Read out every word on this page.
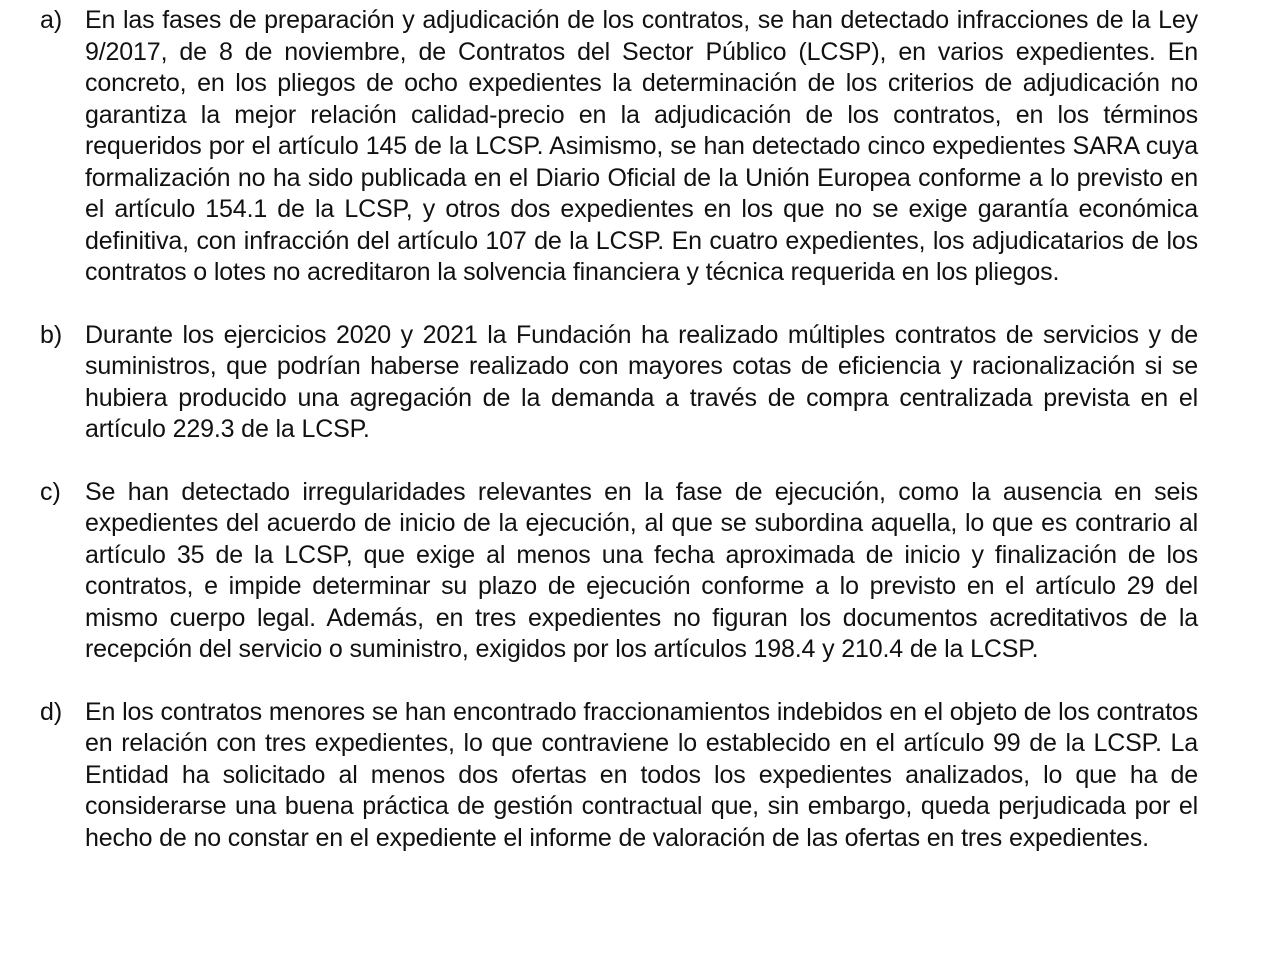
a) En las fases de preparación y adjudicación de los contratos, se han detectado infracciones de la Ley 9/2017, de 8 de noviembre, de Contratos del Sector Público (LCSP), en varios expedientes. En concreto, en los pliegos de ocho expedientes la determinación de los criterios de adjudicación no garantiza la mejor relación calidad-precio en la adjudicación de los contratos, en los términos requeridos por el artículo 145 de la LCSP. Asimismo, se han detectado cinco expedientes SARA cuya formalización no ha sido publicada en el Diario Oficial de la Unión Europea conforme a lo previsto en el artículo 154.1 de la LCSP, y otros dos expedientes en los que no se exige garantía económica definitiva, con infracción del artículo 107 de la LCSP. En cuatro expedientes, los adjudicatarios de los contratos o lotes no acreditaron la solvencia financiera y técnica requerida en los pliegos.

b) Durante los ejercicios 2020 y 2021 la Fundación ha realizado múltiples contratos de servicios y de suministros, que podrían haberse realizado con mayores cotas de eficiencia y racionalización si se hubiera producido una agregación de la demanda a través de compra centralizada prevista en el artículo 229.3 de la LCSP.

c) Se han detectado irregularidades relevantes en la fase de ejecución, como la ausencia en seis expedientes del acuerdo de inicio de la ejecución, al que se subordina aquella, lo que es contrario al artículo 35 de la LCSP, que exige al menos una fecha aproximada de inicio y finalización de los contratos, e impide determinar su plazo de ejecución conforme a lo previsto en el artículo 29 del mismo cuerpo legal. Además, en tres expedientes no figuran los documentos acreditativos de la recepción del servicio o suministro, exigidos por los artículos 198.4 y 210.4 de la LCSP.

d) En los contratos menores se han encontrado fraccionamientos indebidos en el objeto de los contratos en relación con tres expedientes, lo que contraviene lo establecido en el artículo 99 de la LCSP. La Entidad ha solicitado al menos dos ofertas en todos los expedientes analizados, lo que ha de considerarse una buena práctica de gestión contractual que, sin embargo, queda perjudicada por el hecho de no constar en el expediente el informe de valoración de las ofertas en tres expedientes.
